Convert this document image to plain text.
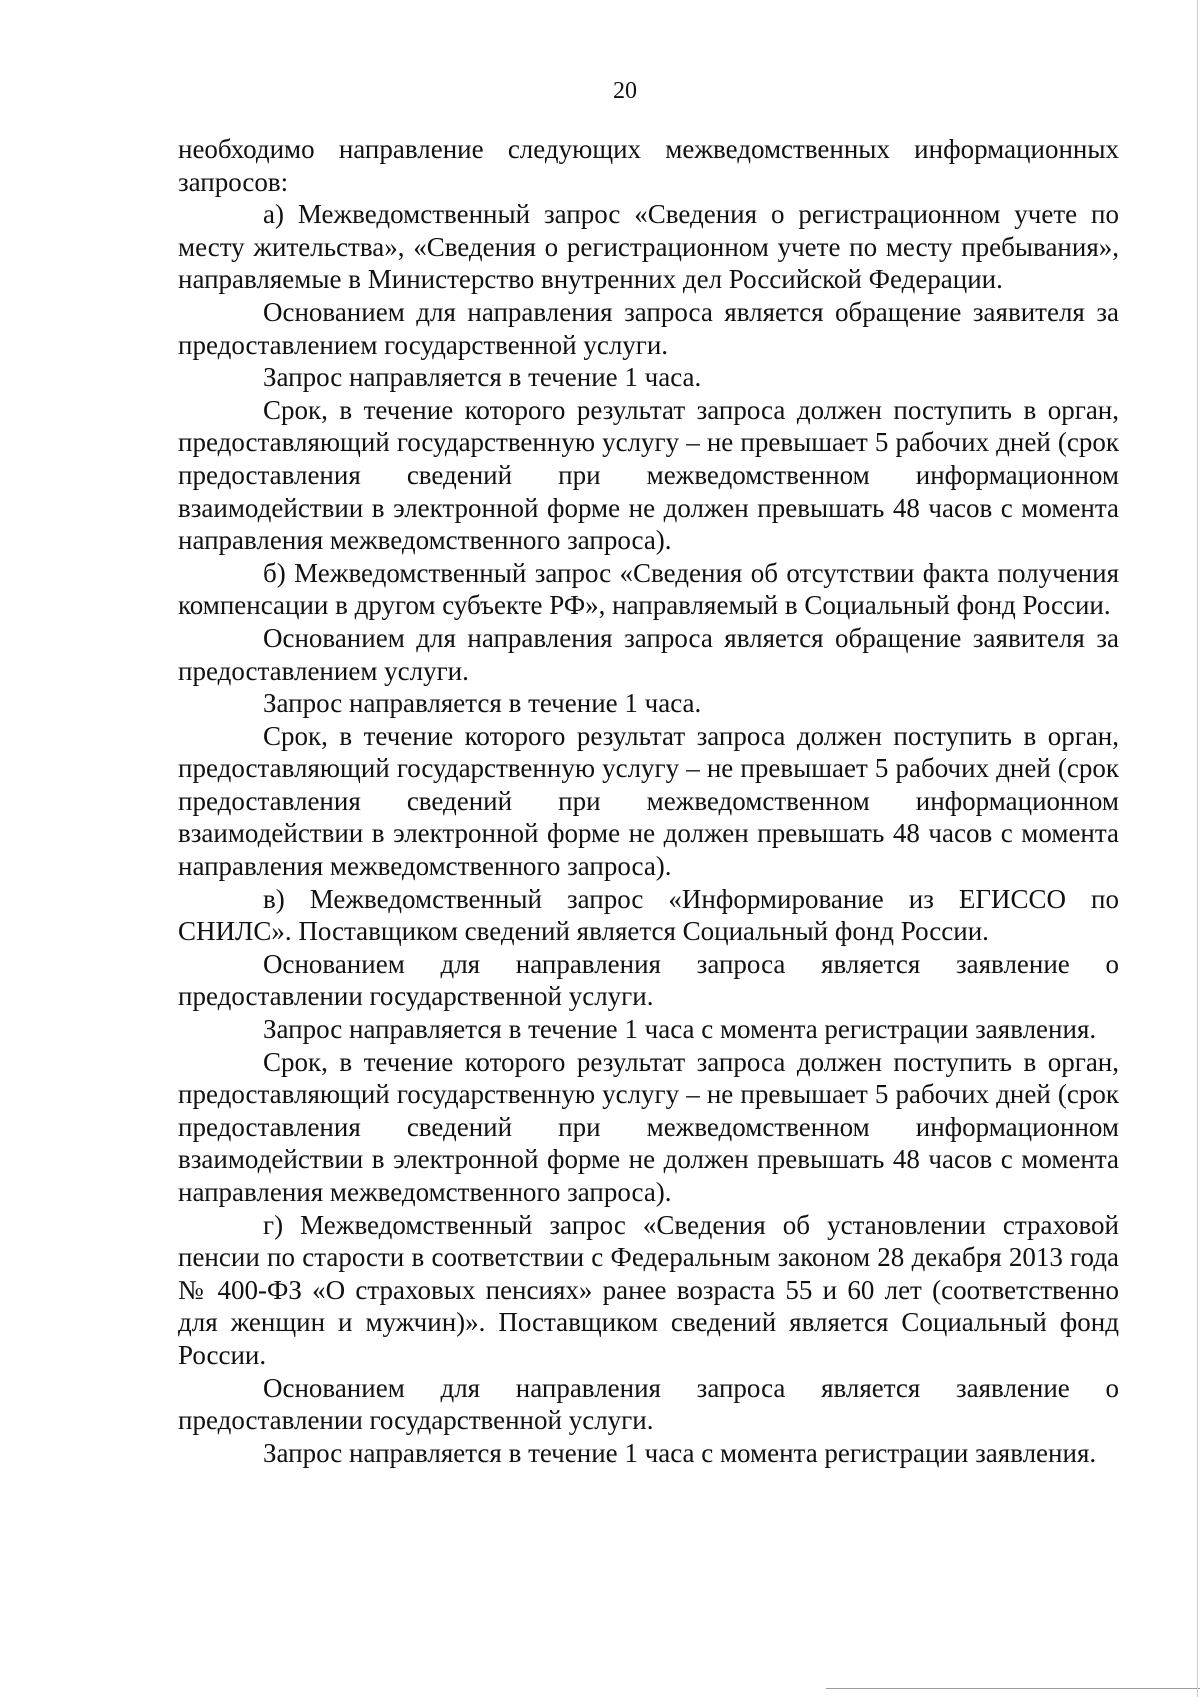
20

необходимо направление следующих межведомственных информационных запросов:

а) Межведомственный запрос «Сведения о регистрационном учете по месту жительства», «Сведения о регистрационном учете по месту пребывания», направляемые в Министерство внутренних дел Российской Федерации.

Основанием для направления запроса является обращение заявителя за предоставлением государственной услуги.

Запрос направляется в течение 1 часа.

Срок, в течение которого результат запроса должен поступить в орган, предоставляющий государственную услугу – не превышает 5 рабочих дней (срок предоставления сведений при межведомственном информационном взаимодействии в электронной форме не должен превышать 48 часов с момента направления межведомственного запроса).

б) Межведомственный запрос «Сведения об отсутствии факта получения компенсации в другом субъекте РФ», направляемый в Социальный фонд России.

Основанием для направления запроса является обращение заявителя за предоставлением услуги.

Запрос направляется в течение 1 часа.

Срок, в течение которого результат запроса должен поступить в орган, предоставляющий государственную услугу – не превышает 5 рабочих дней (срок предоставления сведений при межведомственном информационном взаимодействии в электронной форме не должен превышать 48 часов с момента направления межведомственного запроса).

в) Межведомственный запрос «Информирование из ЕГИССО по СНИЛС». Поставщиком сведений является Социальный фонд России.

Основанием для направления запроса является заявление о предоставлении государственной услуги.

Запрос направляется в течение 1 часа с момента регистрации заявления.

Срок, в течение которого результат запроса должен поступить в орган, предоставляющий государственную услугу – не превышает 5 рабочих дней (срок предоставления сведений при межведомственном информационном взаимодействии в электронной форме не должен превышать 48 часов с момента направления межведомственного запроса).

г) Межведомственный запрос «Сведения об установлении страховой пенсии по старости в соответствии с Федеральным законом 28 декабря 2013 года № 400-ФЗ «О страховых пенсиях» ранее возраста 55 и 60 лет (соответственно для женщин и мужчин)». Поставщиком сведений является Социальный фонд России.

Основанием для направления запроса является заявление о предоставлении государственной услуги.

Запрос направляется в течение 1 часа с момента регистрации заявления.
